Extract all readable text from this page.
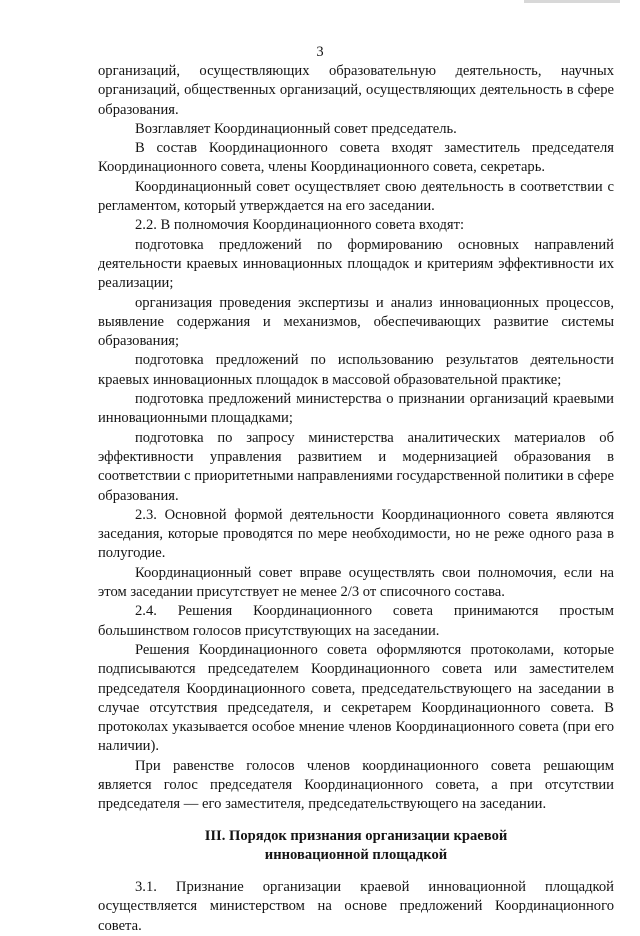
3

организаций, осуществляющих образовательную деятельность, научных организаций, общественных организаций, осуществляющих деятельность в сфере образования.

Возглавляет Координационный совет председатель.

В состав Координационного совета входят заместитель председателя Координационного совета, члены Координационного совета, секретарь.

Координационный совет осуществляет свою деятельность в соответствии с регламентом, который утверждается на его заседании.

2.2. В полномочия Координационного совета входят:

подготовка предложений по формированию основных направлений деятельности краевых инновационных площадок и критериям эффективности их реализации;

организация проведения экспертизы и анализ инновационных процессов, выявление содержания и механизмов, обеспечивающих развитие системы образования;

подготовка предложений по использованию результатов деятельности краевых инновационных площадок в массовой образовательной практике;

подготовка предложений министерства о признании организаций краевыми инновационными площадками;

подготовка по запросу министерства аналитических материалов об эффективности управления развитием и модернизацией образования в соответствии с приоритетными направлениями государственной политики в сфере образования.

2.3. Основной формой деятельности Координационного совета являются заседания, которые проводятся по мере необходимости, но не реже одного раза в полугодие.

Координационный совет вправе осуществлять свои полномочия, если на этом заседании присутствует не менее 2/3 от списочного состава.

2.4. Решения Координационного совета принимаются простым большинством голосов присутствующих на заседании.

Решения Координационного совета оформляются протоколами, которые подписываются председателем Координационного совета или заместителем председателя Координационного совета, председательствующего на заседании в случае отсутствия председателя, и секретарем Координационного совета. В протоколах указывается особое мнение членов Координационного совета (при его наличии).

При равенстве голосов членов координационного совета решающим является голос председателя Координационного совета, а при отсутствии председателя — его заместителя, председательствующего на заседании.

III. Порядок признания организации краевой
инновационной площадкой

3.1. Признание организации краевой инновационной площадкой осуществляется министерством на основе предложений Координационного совета.
